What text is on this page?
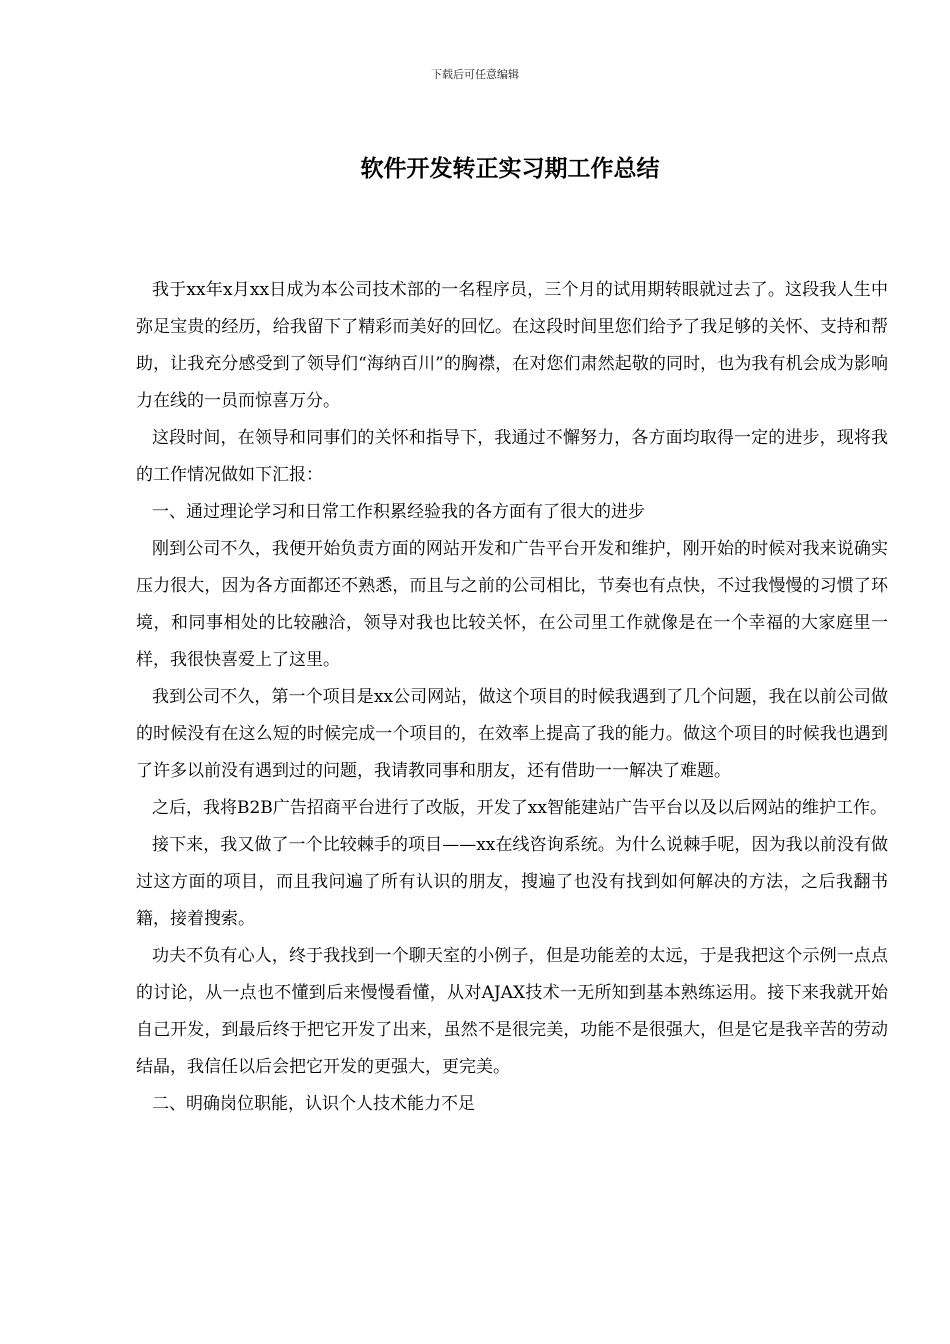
下载后可任意编辑
软件开发转正实习期工作总结

我于xx年x月xx日成为本公司技术部的一名程序员，三个月的试用期转眼就过去了。这段我人生中弥足宝贵的经历，给我留下了精彩而美好的回忆。在这段时间里您们给予了我足够的关怀、支持和帮助，让我充分感受到了领导们“海纳百川”的胸襟，在对您们肃然起敬的同时，也为我有机会成为影响力在线的一员而惊喜万分。

这段时间，在领导和同事们的关怀和指导下，我通过不懈努力，各方面均取得一定的进步，现将我的工作情况做如下汇报：

一、通过理论学习和日常工作积累经验我的各方面有了很大的进步

刚到公司不久，我便开始负责方面的网站开发和广告平台开发和维护，刚开始的时候对我来说确实压力很大，因为各方面都还不熟悉，而且与之前的公司相比，节奏也有点快，不过我慢慢的习惯了环境，和同事相处的比较融洽，领导对我也比较关怀，在公司里工作就像是在一个幸福的大家庭里一样，我很快喜爱上了这里。

我到公司不久，第一个项目是xx公司网站，做这个项目的时候我遇到了几个问题，我在以前公司做的时候没有在这么短的时候完成一个项目的，在效率上提高了我的能力。做这个项目的时候我也遇到了许多以前没有遇到过的问题，我请教同事和朋友，还有借助一一解决了难题。

之后，我将B2B广告招商平台进行了改版，开发了xx智能建站广告平台以及以后网站的维护工作。

接下来，我又做了一个比较棘手的项目——xx在线咨询系统。为什么说棘手呢，因为我以前没有做过这方面的项目，而且我问遍了所有认识的朋友，搜遍了也没有找到如何解决的方法，之后我翻书籍，接着搜索。

功夫不负有心人，终于我找到一个聊天室的小例子，但是功能差的太远，于是我把这个示例一点点的讨论，从一点也不懂到后来慢慢看懂，从对AJAX技术一无所知到基本熟练运用。接下来我就开始自己开发，到最后终于把它开发了出来，虽然不是很完美，功能不是很强大，但是它是我辛苦的劳动结晶，我信任以后会把它开发的更强大，更完美。

二、明确岗位职能，认识个人技术能力不足
